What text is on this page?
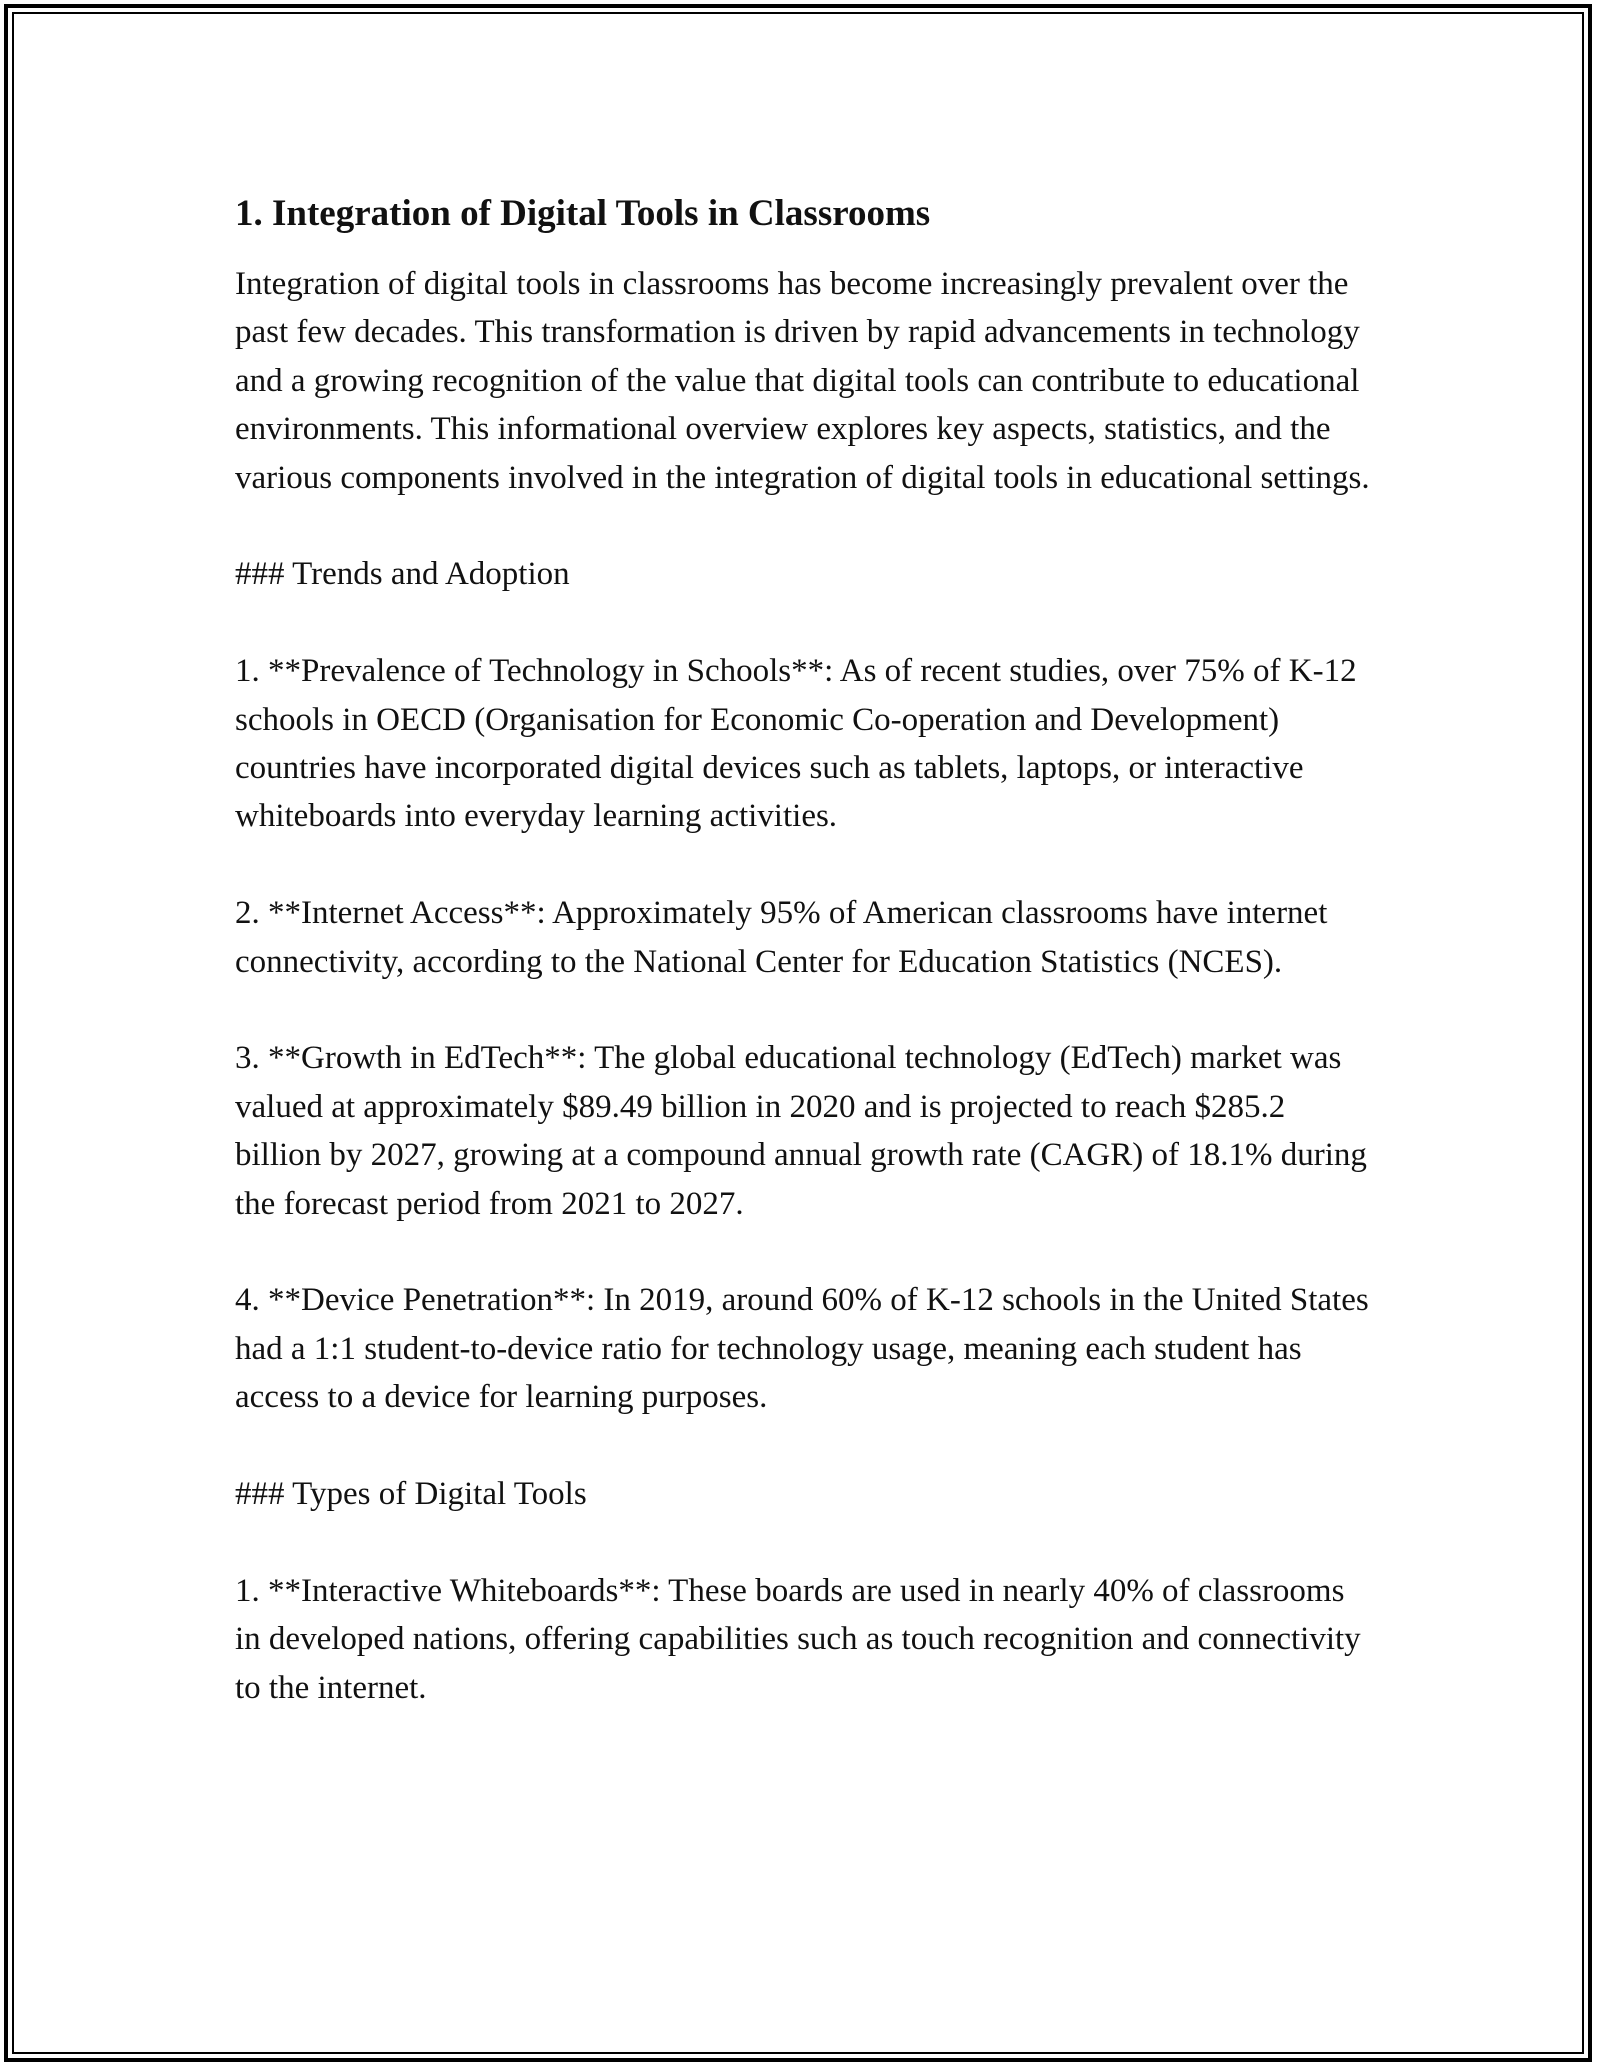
1. Integration of Digital Tools in Classrooms

Integration of digital tools in classrooms has become increasingly prevalent over the past few decades. This transformation is driven by rapid advancements in technology and a growing recognition of the value that digital tools can contribute to educational environments. This informational overview explores key aspects, statistics, and the various components involved in the integration of digital tools in educational settings.

### Trends and Adoption

1. **Prevalence of Technology in Schools**: As of recent studies, over 75% of K-12 schools in OECD (Organisation for Economic Co-operation and Development) countries have incorporated digital devices such as tablets, laptops, or interactive whiteboards into everyday learning activities.

2. **Internet Access**: Approximately 95% of American classrooms have internet connectivity, according to the National Center for Education Statistics (NCES).

3. **Growth in EdTech**: The global educational technology (EdTech) market was valued at approximately $89.49 billion in 2020 and is projected to reach $285.2 billion by 2027, growing at a compound annual growth rate (CAGR) of 18.1% during the forecast period from 2021 to 2027.

4. **Device Penetration**: In 2019, around 60% of K-12 schools in the United States had a 1:1 student-to-device ratio for technology usage, meaning each student has access to a device for learning purposes.

### Types of Digital Tools

1. **Interactive Whiteboards**: These boards are used in nearly 40% of classrooms in developed nations, offering capabilities such as touch recognition and connectivity to the internet.
